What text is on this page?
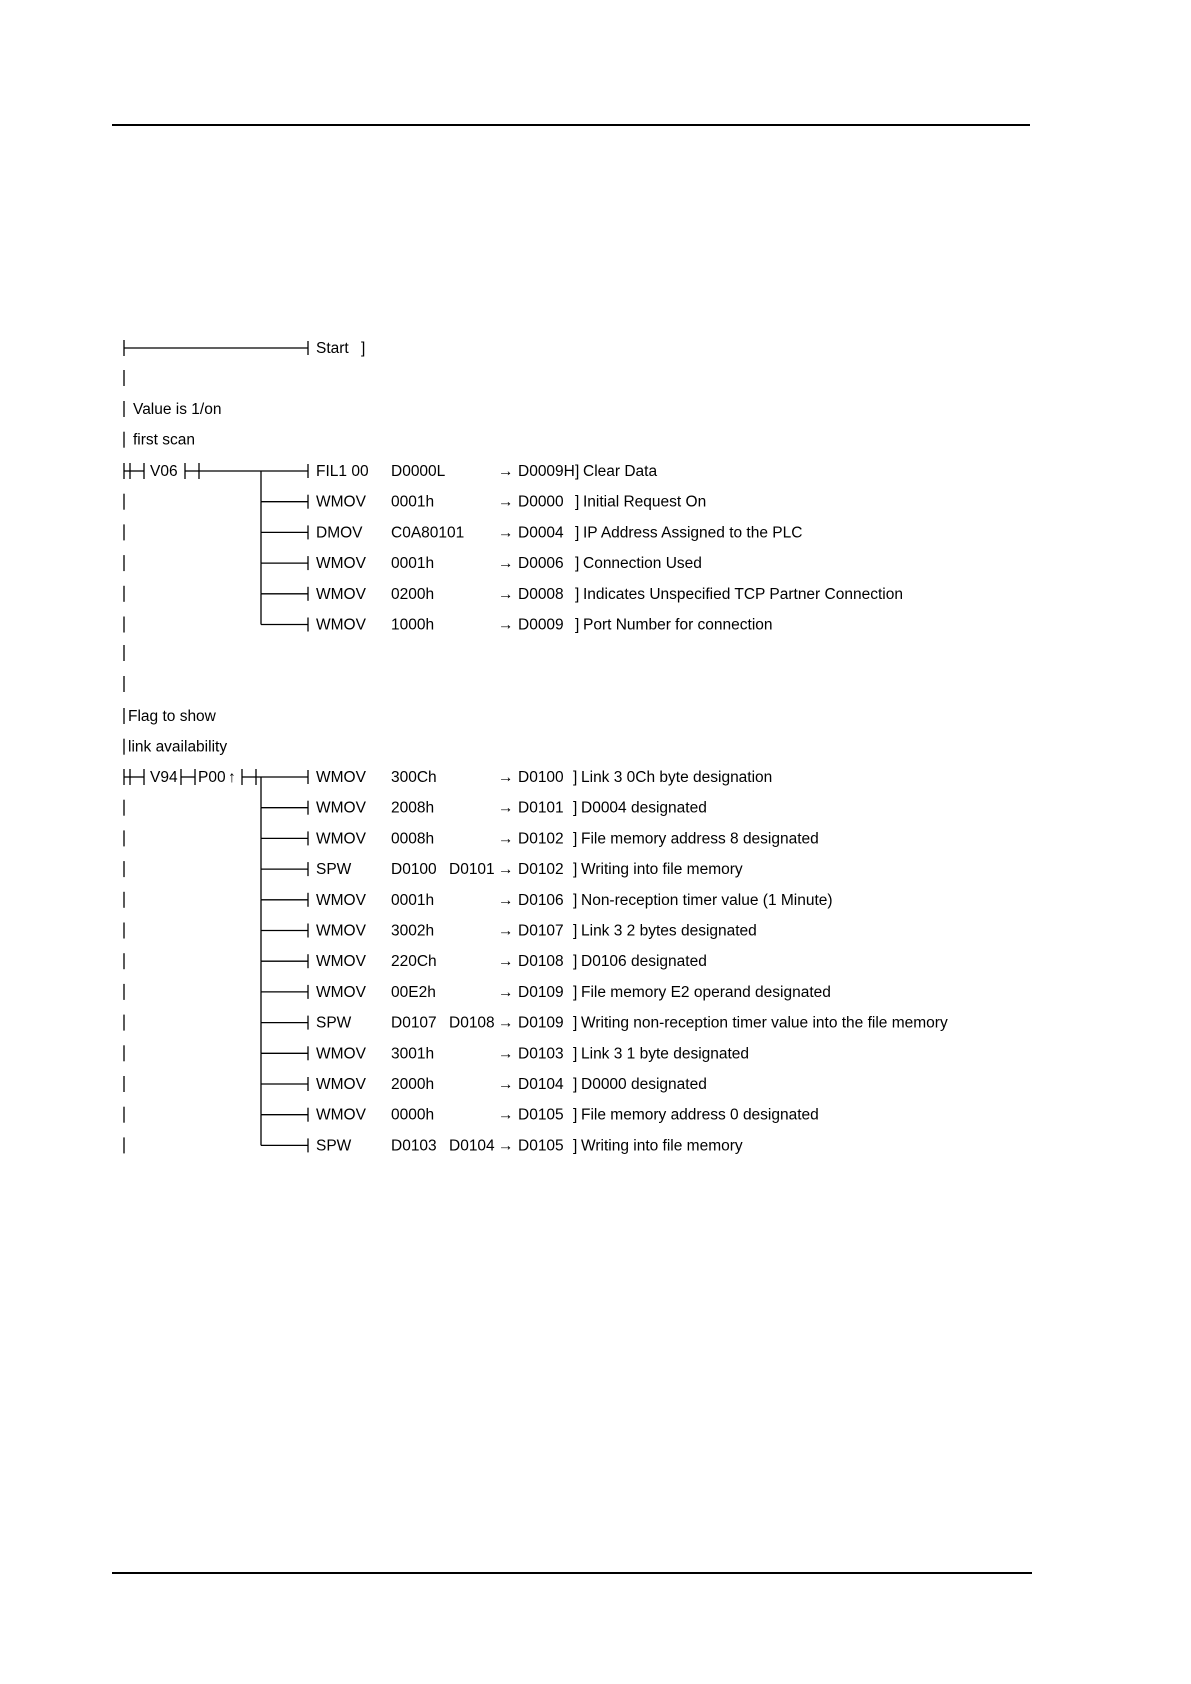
Start ]
Value is 1/on
first scan
V06	FIL1 00 D0000L	→ D0009H ] Clear Data
WMOV 0001h	→ D0000 ] Initial Request On
DMOV C0A80101 → D0004 ] IP Address Assigned to the PLC
WMOV 0001h	→ D0006 ] Connection Used
WMOV 0200h	→ D0008 ] Indicates Unspecified TCP Partner Connection
WMOV 1000h	→ D0009 ] Port Number for connection
Flag to show
link availability
V94 P00 ↑	WMOV 300Ch	→ D0100 ] Link 3 0Ch byte designation
WMOV 2008h	→ D0101 ] D0004 designated
WMOV 0008h	→ D0102 ] File memory address 8 designated
SPW	D0100 D0101 → D0102 ] Writing into file memory
WMOV 0001h	→ D0106 ] Non-reception timer value (1 Minute)
WMOV 3002h	→ D0107 ] Link 3 2 bytes designated
WMOV 220Ch	→ D0108 ] D0106 designated
WMOV 00E2h	→ D0109 ] File memory E2 operand designated
SPW	D0107 D0108 → D0109 ] Writing non-reception timer value into the file memory
WMOV 3001h	→ D0103 ] Link 3 1 byte designated
WMOV 2000h	→ D0104 ] D0000 designated
WMOV 0000h	→ D0105 ] File memory address 0 designated
SPW	D0103 D0104 → D0105 ] Writing into file memory
